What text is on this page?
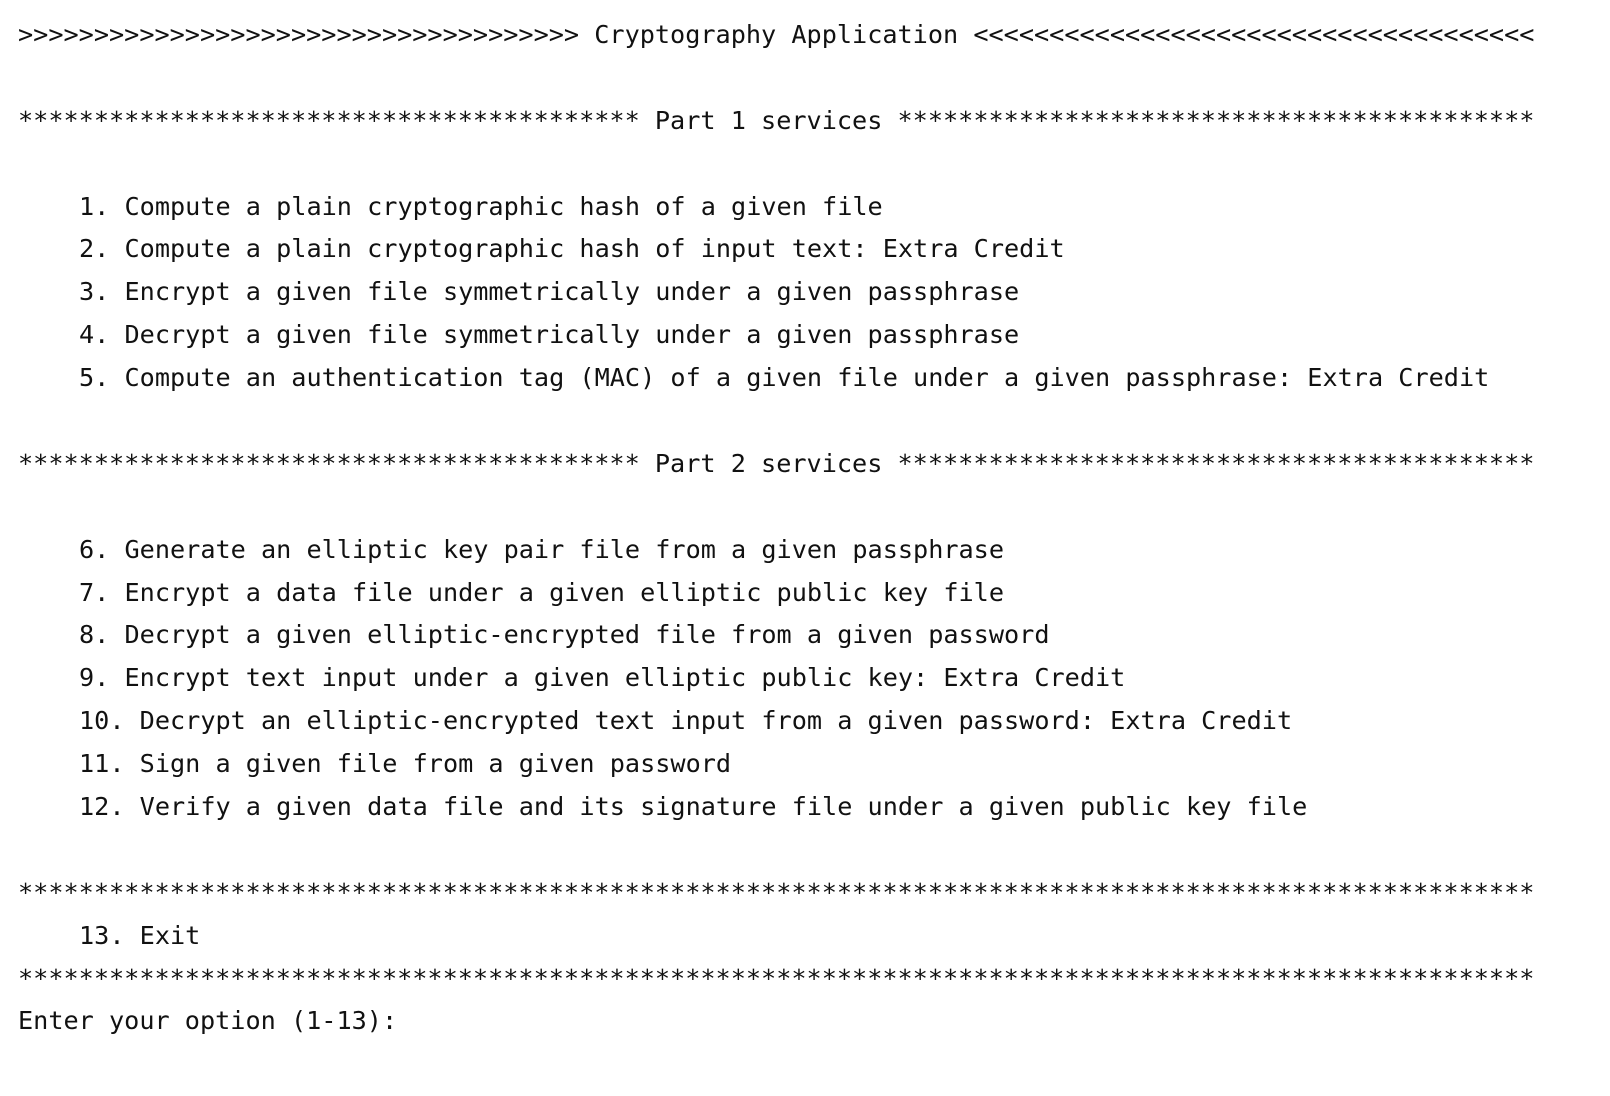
>>>>>>>>>>>>>>>>>>>>>>>>>>>>>>>>>>>>> Cryptography Application <<<<<<<<<<<<<<<<<<<<<<<<<<<<<<<<<<<<<
***************************************** Part 1 services ******************************************
1. Compute a plain cryptographic hash of a given file
2. Compute a plain cryptographic hash of input text: Extra Credit
3. Encrypt a given file symmetrically under a given passphrase
4. Decrypt a given file symmetrically under a given passphrase
5. Compute an authentication tag (MAC) of a given file under a given passphrase: Extra Credit
***************************************** Part 2 services ******************************************
6. Generate an elliptic key pair file from a given passphrase
7. Encrypt a data file under a given elliptic public key file
8. Decrypt a given elliptic-encrypted file from a given password
9. Encrypt text input under a given elliptic public key: Extra Credit
10. Decrypt an elliptic-encrypted text input from a given password: Extra Credit
11. Sign a given file from a given password
12. Verify a given data file and its signature file under a given public key file
****************************************************************************************************
13. Exit
****************************************************************************************************
Enter your option (1-13):
